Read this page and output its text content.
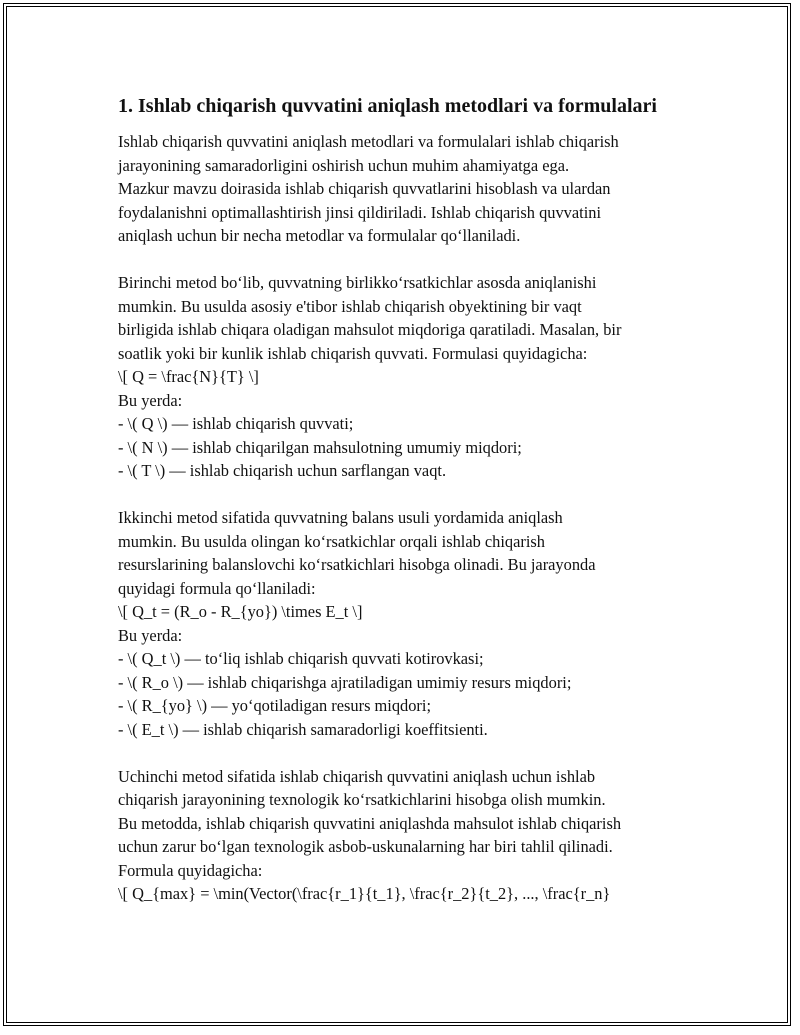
1. Ishlab chiqarish quvvatini aniqlash metodlari va formulalari
Ishlab chiqarish quvvatini aniqlash metodlari va formulalari ishlab chiqarish
jarayonining samaradorligini oshirish uchun muhim ahamiyatga ega.
Mazkur mavzu doirasida ishlab chiqarish quvvatlarini hisoblash va ulardan
foydalanishni optimallashtirish jinsi qildiriladi. Ishlab chiqarish quvvatini
aniqlash uchun bir necha metodlar va formulalar qo‘llaniladi.
Birinchi metod bo‘lib, quvvatning birlikko‘rsatkichlar asosda aniqlanishi
mumkin. Bu usulda asosiy e'tibor ishlab chiqarish obyektining bir vaqt
birligida ishlab chiqara oladigan mahsulot miqdoriga qaratiladi. Masalan, bir
soatlik yoki bir kunlik ishlab chiqarish quvvati. Formulasi quyidagicha:
\[ Q = \frac{N}{T} \]
Bu yerda:
- \( Q \) — ishlab chiqarish quvvati;
- \( N \) — ishlab chiqarilgan mahsulotning umumiy miqdori;
- \( T \) — ishlab chiqarish uchun sarflangan vaqt.
Ikkinchi metod sifatida quvvatning balans usuli yordamida aniqlash
mumkin. Bu usulda olingan ko‘rsatkichlar orqali ishlab chiqarish
resurslarining balanslovchi ko‘rsatkichlari hisobga olinadi. Bu jarayonda
quyidagi formula qo‘llaniladi:
\[ Q_t = (R_o - R_{yo}) \times E_t \]
Bu yerda:
- \( Q_t \) — to‘liq ishlab chiqarish quvvati kotirovkasi;
- \( R_o \) — ishlab chiqarishga ajratiladigan umimiy resurs miqdori;
- \( R_{yo} \) — yo‘qotiladigan resurs miqdori;
- \( E_t \) — ishlab chiqarish samaradorligi koeffitsienti.
Uchinchi metod sifatida ishlab chiqarish quvvatini aniqlash uchun ishlab
chiqarish jarayonining texnologik ko‘rsatkichlarini hisobga olish mumkin.
Bu metodda, ishlab chiqarish quvvatini aniqlashda mahsulot ishlab chiqarish
uchun zarur bo‘lgan texnologik asbob-uskunalarning har biri tahlil qilinadi.
Formula quyidagicha:
\[ Q_{max} = \min(Vector(\frac{r_1}{t_1}, \frac{r_2}{t_2}, ..., \frac{r_n}
